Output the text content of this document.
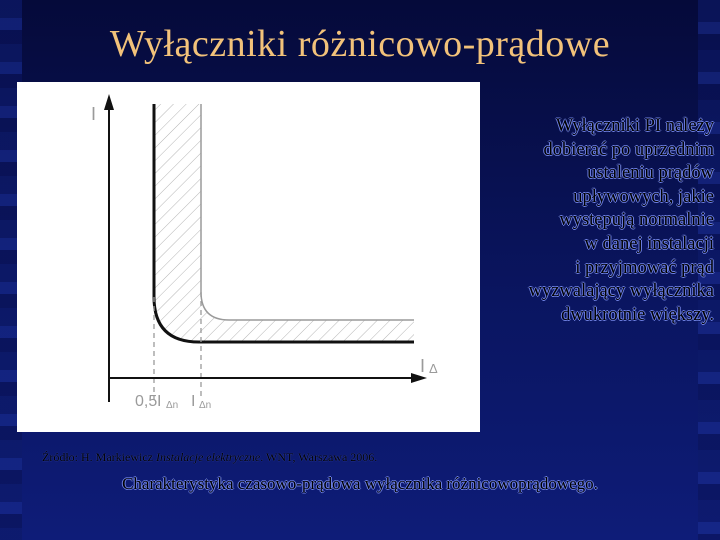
Wyłączniki różnicowo-prądowe
I
I Δ
0,5 Δn I Δn
I
Wyłączniki PI należy
dobierać po uprzednim
ustaleniu prądów
upływowych, jakie
występują normalnie
w danej instalacji
i przyjmować prąd
wyzwalający wyłącznika
dwukrotnie większy.
Źródło: H. Markiewicz Instalacje elektryczne. WNT, Warszawa 2006.
Charakterystyka czasowo-prądowa wyłącznika różnicowoprądowego.
